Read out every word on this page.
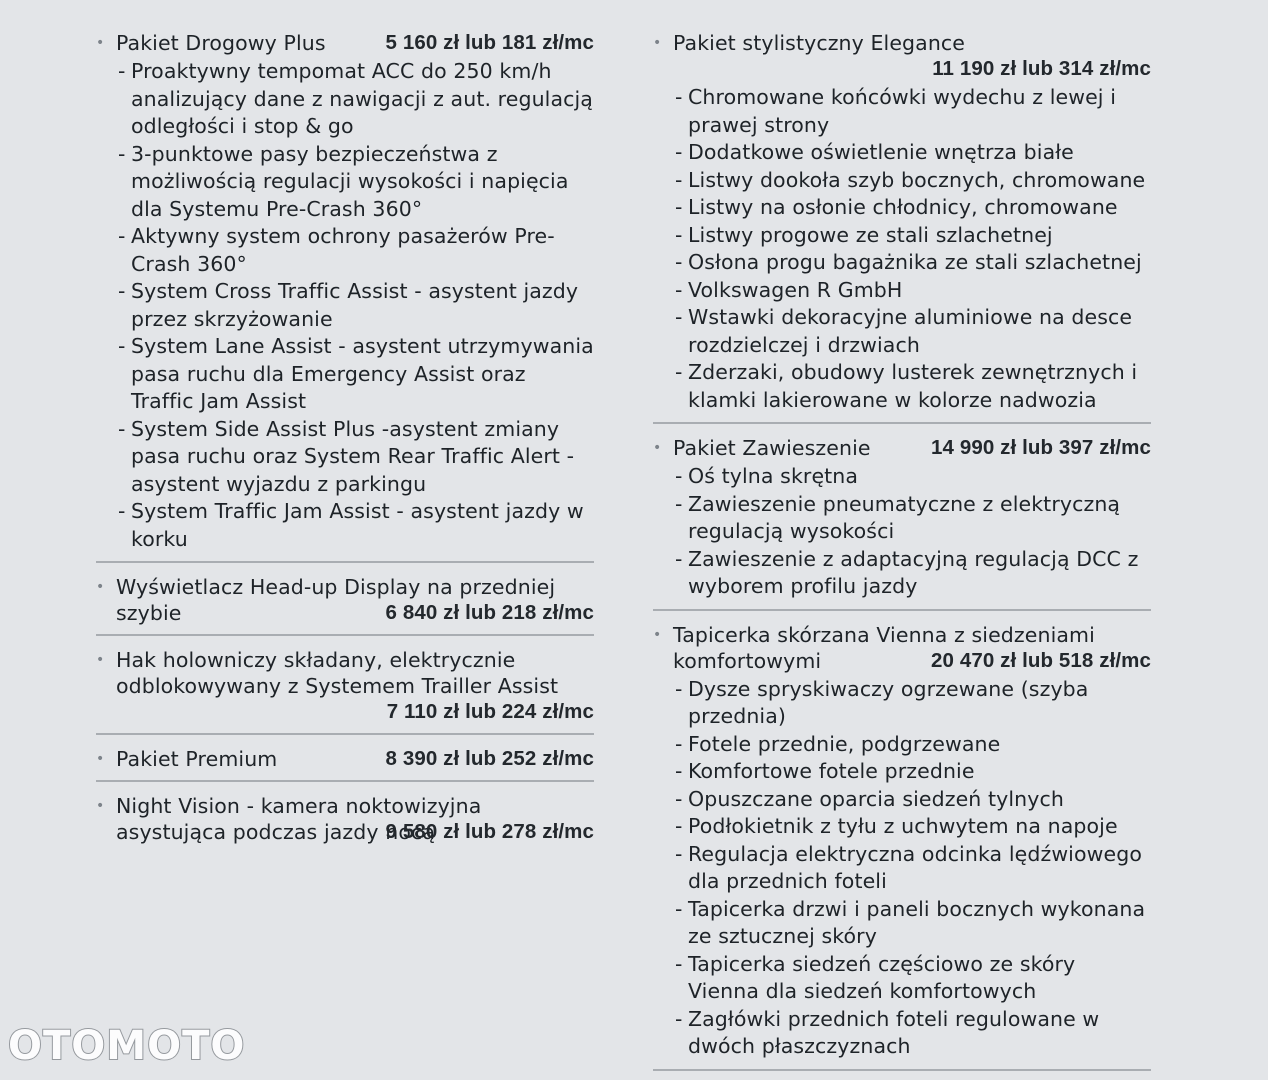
• Pakiet Drogowy Plus	5 160 zł lub 181 zł/mc
- Proaktywny tempomat ACC do 250 km/h analizujący dane z nawigacji z aut. regulacją odległości i stop & go
- 3-punktowe pasy bezpieczeństwa z możliwością regulacji wysokości i napięcia dla Systemu Pre-Crash 360°
- Aktywny system ochrony pasażerów Pre-Crash 360°
- System Cross Traffic Assist - asystent jazdy przez skrzyżowanie
- System Lane Assist - asystent utrzymywania pasa ruchu dla Emergency Assist oraz Traffic Jam Assist
- System Side Assist Plus -asystent zmiany pasa ruchu oraz System Rear Traffic Alert - asystent wyjazdu z parkingu
- System Traffic Jam Assist - asystent jazdy w korku
• Wyświetlacz Head-up Display na przedniej szybie	6 840 zł lub 218 zł/mc
• Hak holowniczy składany, elektrycznie odblokowywany z Systemem Trailler Assist
7 110 zł lub 224 zł/mc
• Pakiet Premium	8 390 zł lub 252 zł/mc
• Night Vision - kamera noktowizyjna asystująca podczas jazdy nocą
9 580 zł lub 278 zł/mc
• Pakiet stylistyczny Elegance
11 190 zł lub 314 zł/mc
- Chromowane końcówki wydechu z lewej i prawej strony
- Dodatkowe oświetlenie wnętrza białe
- Listwy dookoła szyb bocznych, chromowane
- Listwy na osłonie chłodnicy, chromowane
- Listwy progowe ze stali szlachetnej
- Osłona progu bagażnika ze stali szlachetnej
- Volkswagen R GmbH
- Wstawki dekoracyjne aluminiowe na desce rozdzielczej i drzwiach
- Zderzaki, obudowy lusterek zewnętrznych i klamki lakierowane w kolorze nadwozia
• Pakiet Zawieszenie	14 990 zł lub 397 zł/mc
- Oś tylna skrętna
- Zawieszenie pneumatyczne z elektryczną regulacją wysokości
- Zawieszenie z adaptacyjną regulacją DCC z wyborem profilu jazdy
• Tapicerka skórzana Vienna z siedzeniami komfortowymi	20 470 zł lub 518 zł/mc
- Dysze spryskiwaczy ogrzewane (szyba przednia)
- Fotele przednie, podgrzewane
- Komfortowe fotele przednie
- Opuszczane oparcia siedzeń tylnych
- Podłokietnik z tyłu z uchwytem na napoje
- Regulacja elektryczna odcinka lędźwiowego dla przednich foteli
- Tapicerka drzwi i paneli bocznych wykonana ze sztucznej skóry
- Tapicerka siedzeń częściowo ze skóry Vienna dla siedzeń komfortowych
- Zagłówki przednich foteli regulowane w dwóch płaszczyznach
OTOMOTO
